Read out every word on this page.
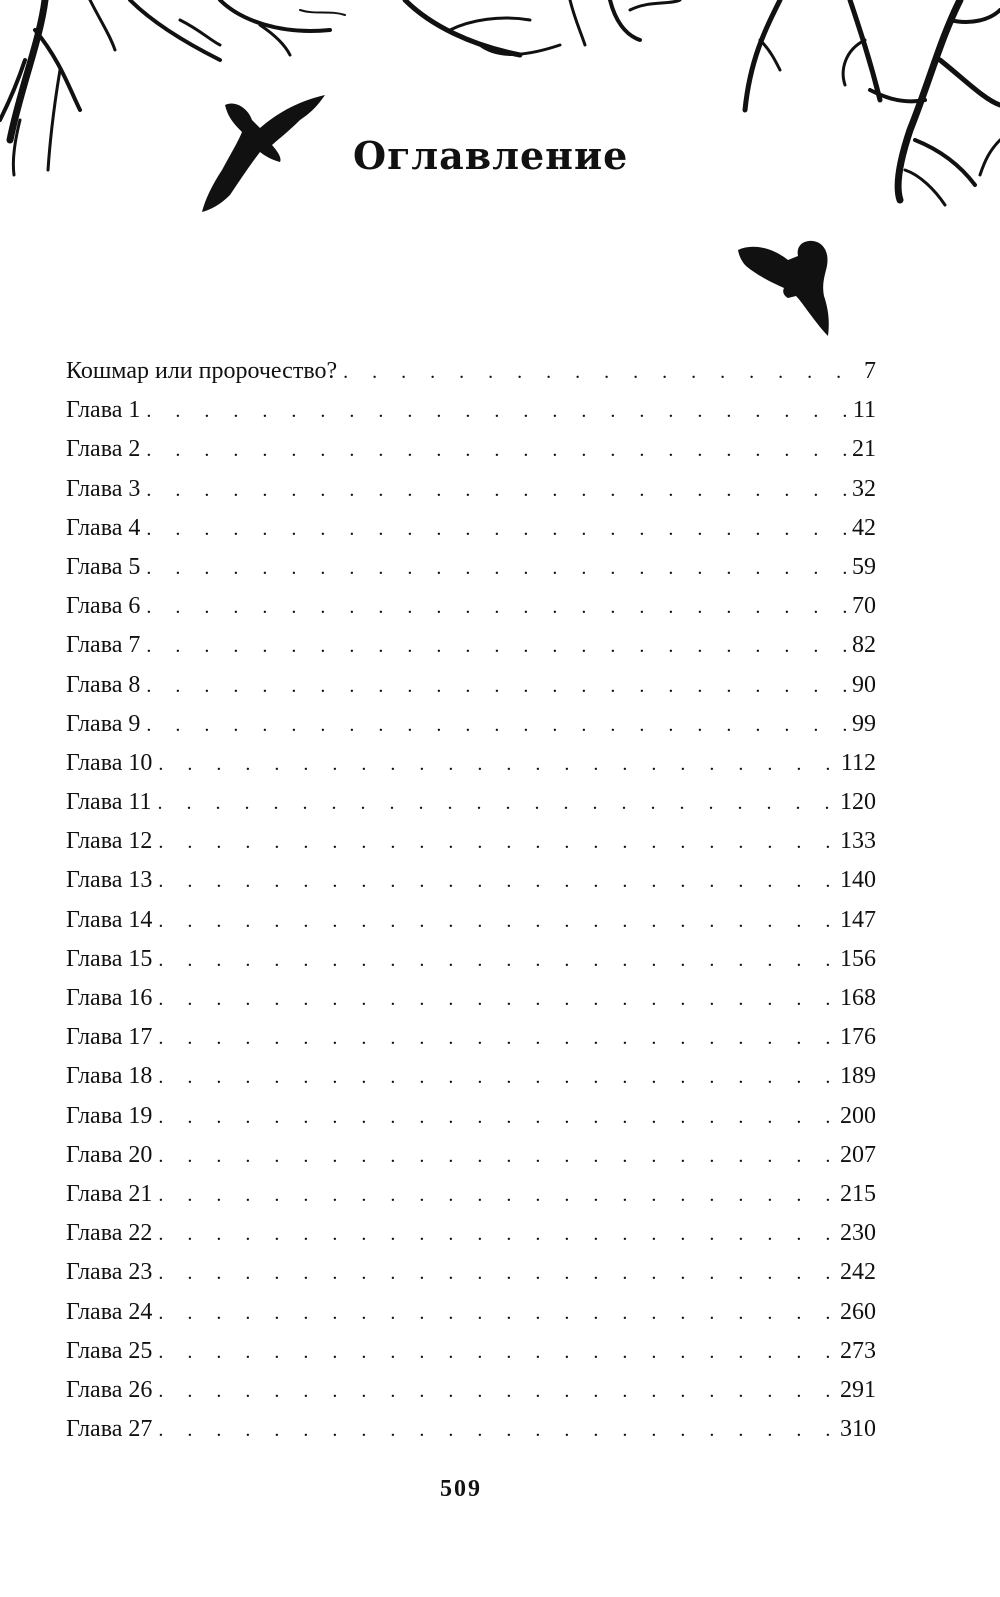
Оглавление
Кошмар или пророчество? . . .	7
Глава 1 . . .	11
Глава 2 . . .	21
Глава 3 . . .	32
Глава 4 . . .	42
Глава 5 . . .	59
Глава 6 . . .	70
Глава 7 . . .	82
Глава 8 . . .	90
Глава 9 . . .	99
Глава 10 . . .	112
Глава 11 . . .	120
Глава 12 . . .	133
Глава 13 . . .	140
Глава 14 . . .	147
Глава 15 . . .	156
Глава 16 . . .	168
Глава 17 . . .	176
Глава 18 . . .	189
Глава 19 . . .	200
Глава 20 . . .	207
Глава 21 . . .	215
Глава 22 . . .	230
Глава 23 . . .	242
Глава 24 . . .	260
Глава 25 . . .	273
Глава 26 . . .	291
Глава 27 . . .	310
509
